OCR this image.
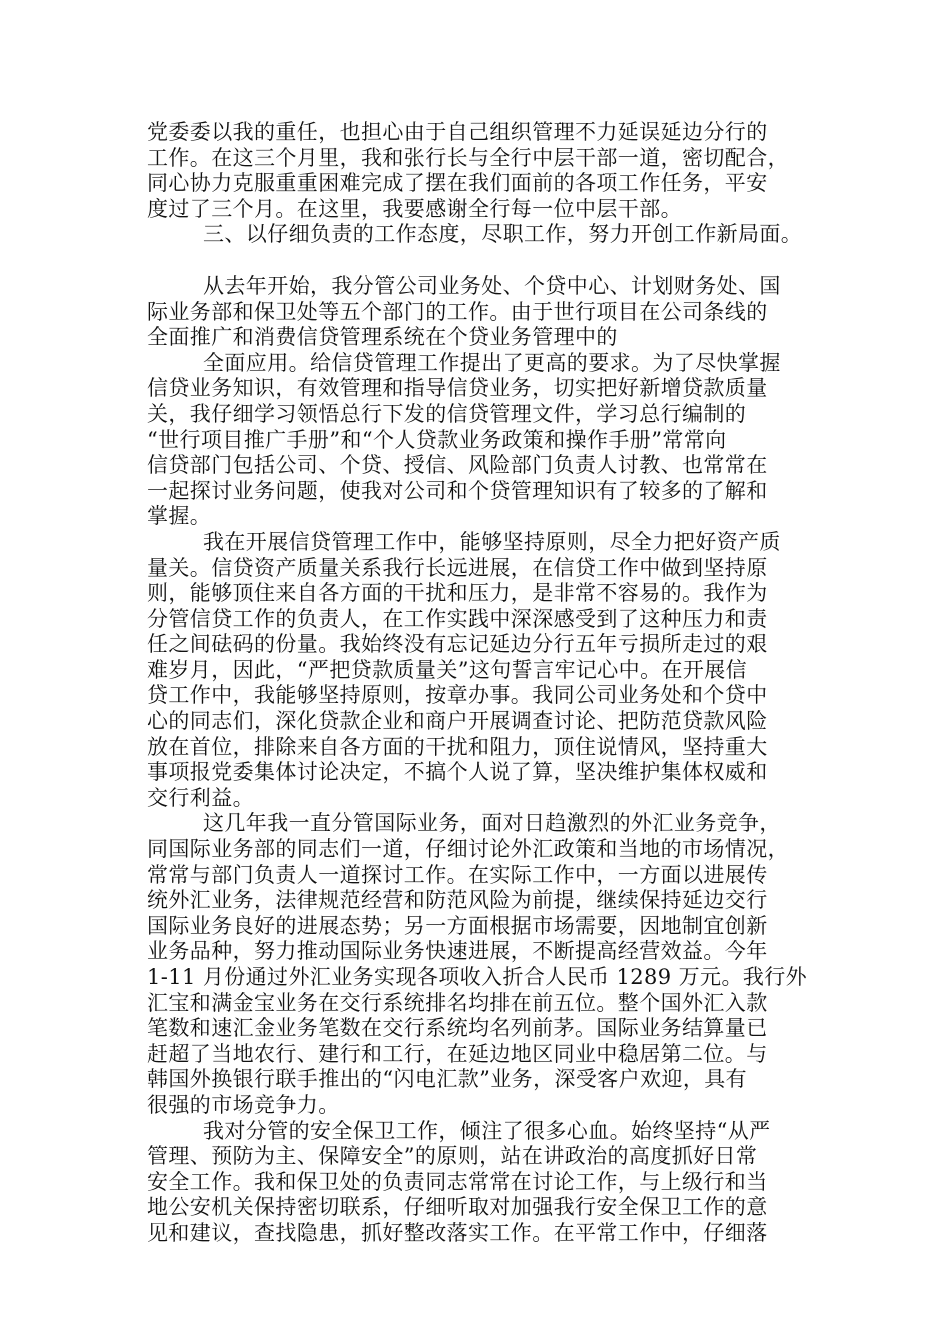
党委委以我的重任，也担心由于自己组织管理不力延误延边分行的
工作。在这三个月里，我和张行长与全行中层干部一道，密切配合，
同心协力克服重重困难完成了摆在我们面前的各项工作任务，平安
度过了三个月。在这里，我要感谢全行每一位中层干部。
三、以仔细负责的工作态度，尽职工作，努力开创工作新局面。
从去年开始，我分管公司业务处、个贷中心、计划财务处、国
际业务部和保卫处等五个部门的工作。由于世行项目在公司条线的
全面推广和消费信贷管理系统在个贷业务管理中的
全面应用。给信贷管理工作提出了更高的要求。为了尽快掌握
信贷业务知识，有效管理和指导信贷业务，切实把好新增贷款质量
关，我仔细学习领悟总行下发的信贷管理文件，学习总行编制的
“世行项目推广手册”和“个人贷款业务政策和操作手册”常常向
信贷部门包括公司、个贷、授信、风险部门负责人讨教、也常常在
一起探讨业务问题，使我对公司和个贷管理知识有了较多的了解和
掌握。
我在开展信贷管理工作中，能够坚持原则，尽全力把好资产质
量关。信贷资产质量关系我行长远进展，在信贷工作中做到坚持原
则，能够顶住来自各方面的干扰和压力，是非常不容易的。我作为
分管信贷工作的负责人，在工作实践中深深感受到了这种压力和责
任之间砝码的份量。我始终没有忘记延边分行五年亏损所走过的艰
难岁月，因此，“严把贷款质量关”这句誓言牢记心中。在开展信
贷工作中，我能够坚持原则，按章办事。我同公司业务处和个贷中
心的同志们，深化贷款企业和商户开展调查讨论、把防范贷款风险
放在首位，排除来自各方面的干扰和阻力，顶住说情风，坚持重大
事项报党委集体讨论决定，不搞个人说了算，坚决维护集体权威和
交行利益。
这几年我一直分管国际业务，面对日趋激烈的外汇业务竞争，
同国际业务部的同志们一道，仔细讨论外汇政策和当地的市场情况，
常常与部门负责人一道探讨工作。在实际工作中，一方面以进展传
统外汇业务，法律规范经营和防范风险为前提，继续保持延边交行
国际业务良好的进展态势；另一方面根据市场需要，因地制宜创新
业务品种，努力推动国际业务快速进展，不断提高经营效益。今年
1-11 月份通过外汇业务实现各项收入折合人民币 1289 万元。我行外
汇宝和满金宝业务在交行系统排名均排在前五位。整个国外汇入款
笔数和速汇金业务笔数在交行系统均名列前茅。国际业务结算量已
赶超了当地农行、建行和工行，在延边地区同业中稳居第二位。与
韩国外换银行联手推出的“闪电汇款”业务，深受客户欢迎，具有
很强的市场竞争力。
我对分管的安全保卫工作，倾注了很多心血。始终坚持“从严
管理、预防为主、保障安全”的原则，站在讲政治的高度抓好日常
安全工作。我和保卫处的负责同志常常在讨论工作，与上级行和当
地公安机关保持密切联系，仔细听取对加强我行安全保卫工作的意
见和建议，查找隐患，抓好整改落实工作。在平常工作中，仔细落
